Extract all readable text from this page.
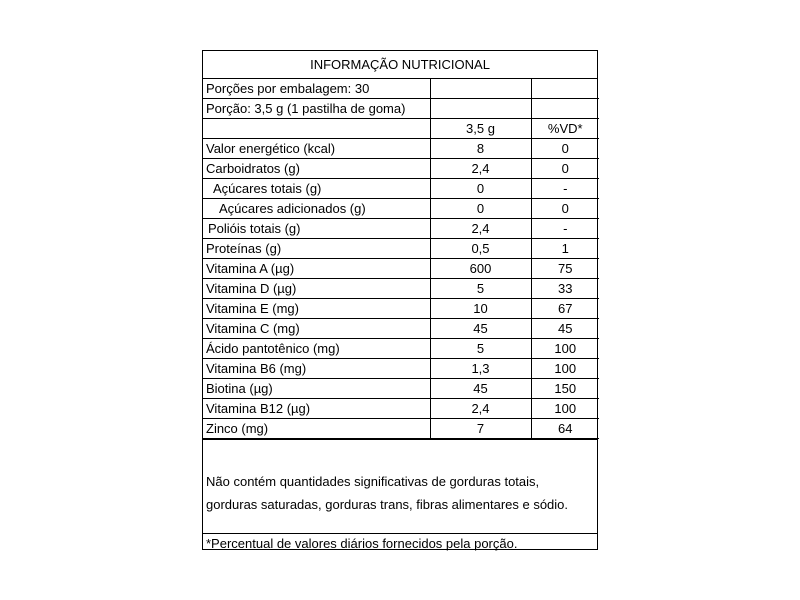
INFORMAÇÃO NUTRICIONAL
Porções por embalagem: 30		
Porção: 3,5 g (1 pastilha de goma)		
	3,5 g	%VD*
Valor energético (kcal)	8	0
Carboidratos (g)	2,4	0
Açúcares totais (g)	0	-
Açúcares adicionados (g)	0	0
Polióis totais (g)	2,4	-
Proteínas (g)	0,5	1
Vitamina A (µg)	600	75
Vitamina D (µg)	5	33
Vitamina E (mg)	10	67
Vitamina C (mg)	45	45
Ácido pantotênico (mg)	5	100
Vitamina B6 (mg)	1,3	100
Biotina (µg)	45	150
Vitamina B12 (µg)	2,4	100
Zinco (mg)	7	64
Não contém quantidades significativas de gorduras totais,
gorduras saturadas, gorduras trans, fibras alimentares e sódio.
*Percentual de valores diários fornecidos pela porção.
